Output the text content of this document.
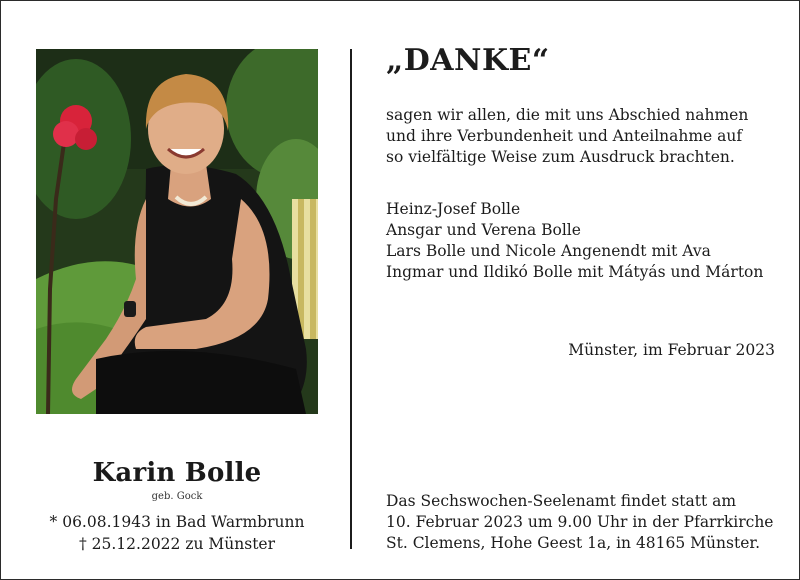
Karin Bolle
geb. Gock
* 06.08.1943 in Bad Warmbrunn
† 25.12.2022 zu Münster
„DANKE“
sagen wir allen, die mit uns Abschied nahmen
und ihre Verbundenheit und Anteilnahme auf
so vielfältige Weise zum Ausdruck brachten.
Heinz-Josef Bolle
Ansgar und Verena Bolle
Lars Bolle und Nicole Angenendt mit Ava
Ingmar und Ildikó Bolle mit Mátyás und Márton
Münster, im Februar 2023
Das Sechswochen-Seelenamt findet statt am
10. Februar 2023 um 9.00 Uhr in der Pfarrkirche
St. Clemens, Hohe Geest 1a, in 48165 Münster.
